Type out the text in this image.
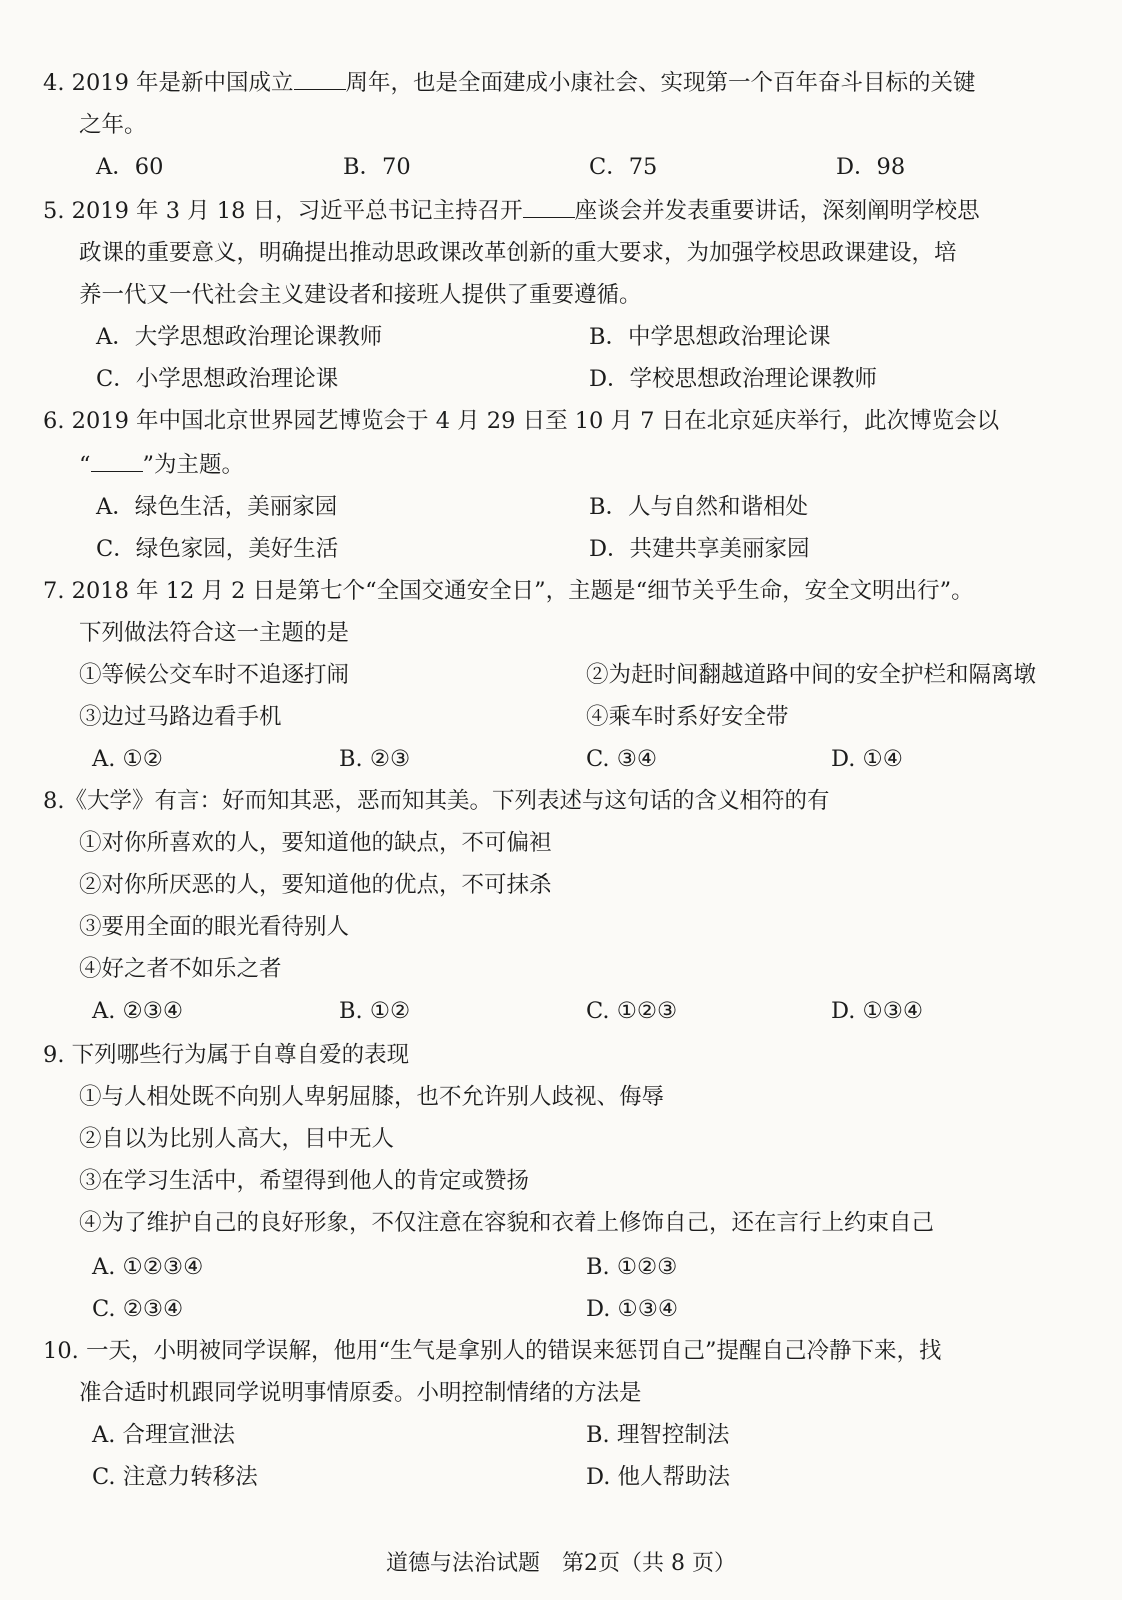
4. 2019 年是新中国成立 周年，也是全面建成小康社会、实现第一个百年奋斗目标的关键
之年。
A．60	B．70	C．75	D．98
5. 2019 年 3 月 18 日，习近平总书记主持召开 座谈会并发表重要讲话，深刻阐明学校思
政课的重要意义，明确提出推动思政课改革创新的重大要求，为加强学校思政课建设，培
养一代又一代社会主义建设者和接班人提供了重要遵循。
A．大学思想政治理论课教师	B．中学思想政治理论课
C．小学思想政治理论课	D．学校思想政治理论课教师
6. 2019 年中国北京世界园艺博览会于 4 月 29 日至 10 月 7 日在北京延庆举行，此次博览会以
“ ”为主题。
A．绿色生活，美丽家园	B．人与自然和谐相处
C．绿色家园，美好生活	D．共建共享美丽家园
7. 2018 年 12 月 2 日是第七个“全国交通安全日”，主题是“细节关乎生命，安全文明出行”。
下列做法符合这一主题的是
①等候公交车时不追逐打闹	②为赶时间翻越道路中间的安全护栏和隔离墩
③边过马路边看手机	④乘车时系好安全带
A. ①②	B. ②③	C. ③④	D. ①④
8.《大学》有言：好而知其恶，恶而知其美。下列表述与这句话的含义相符的有
①对你所喜欢的人，要知道他的缺点，不可偏袒
②对你所厌恶的人，要知道他的优点，不可抹杀
③要用全面的眼光看待别人
④好之者不如乐之者
A. ②③④	B. ①②	C. ①②③	D. ①③④
9. 下列哪些行为属于自尊自爱的表现
①与人相处既不向别人卑躬屈膝，也不允许别人歧视、侮辱
②自以为比别人高大，目中无人
③在学习生活中，希望得到他人的肯定或赞扬
④为了维护自己的良好形象，不仅注意在容貌和衣着上修饰自己，还在言行上约束自己
A. ①②③④	B. ①②③
C. ②③④	D. ①③④
10. 一天，小明被同学误解，他用“生气是拿别人的错误来惩罚自己”提醒自己冷静下来，找
准合适时机跟同学说明事情原委。小明控制情绪的方法是
A. 合理宣泄法	B. 理智控制法
C. 注意力转移法	D. 他人帮助法
道德与法治试题　第2页（共 8 页）
